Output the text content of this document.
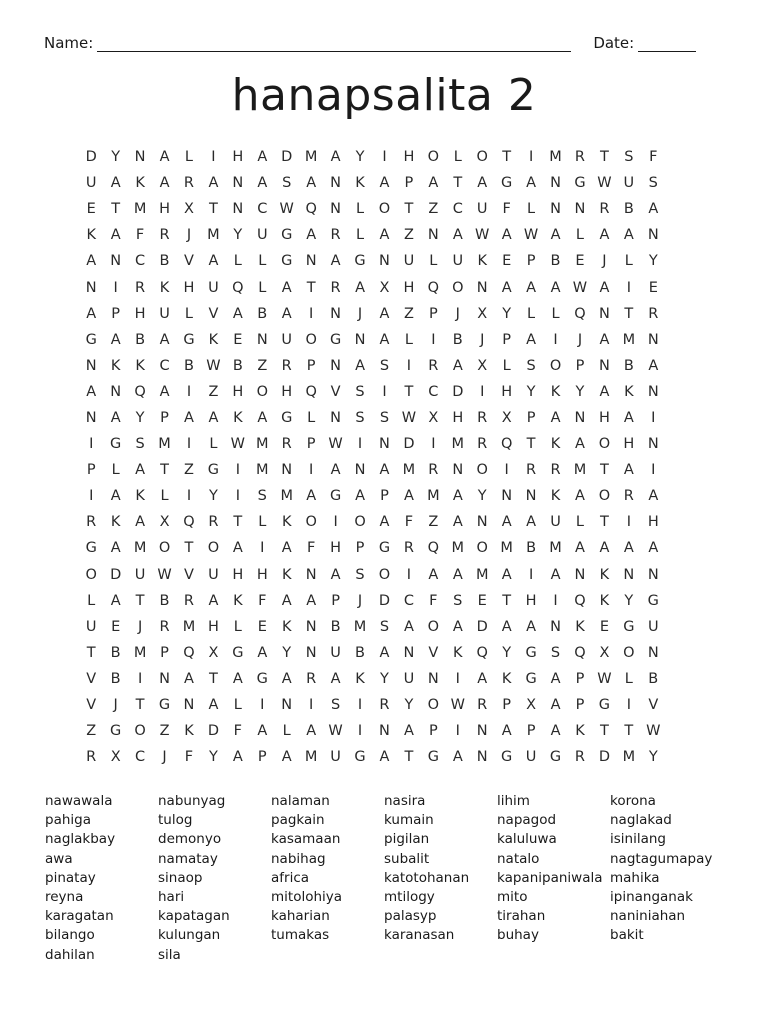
Name:	Date:
hanapsalita 2
D Y	N A	L	I	H A D M A	Y	I	H O	L	O T	I	M R	T	S	F
U A	K	A R A N A	S	A N K	A	P	A	T	A G A N G W U	S
E	T M H X	T	N C W Q N	L	O T	Z C U	F	L	N N R B	A
K	A	F	R	J	M Y	U G A R	L	A	Z N A W A W A	L	A	A N
A N C B	V	A	L	L	G N A G N U	L	U K	E	P	B	E	J	L	Y
N	I	R	K H U Q	L	A	T	R A	X H Q O N A	A	A W A	I	E
A	P	H U	L	V	A	B	A	I	N	J	A	Z	P	J	X	Y	L	L	Q N	T	R
G A	B	A G K	E N U O G N A	L	I	B	J	P	A	I	J	A M N
N K	K	C B W B	Z R	P	N A	S	I	R A	X	L	S O P	N B	A
A N Q A	I	Z H O H Q V	S	I	T	C D	I	H	Y	K	Y	A	K N
N A	Y	P	A	A	K	A G	L	N S	S W X H R X	P	A N H A	I
I	G S M	I	L W M R	P W	I	N D	I	M R Q T	K	A O H N
P	L	A	T	Z G	I	M N	I	A N A M R N O	I	R R M T	A	I
I	A	K	L	I	Y	I	S M A G A	P	A M A	Y	N N K	A O R A
R	K	A	X Q R	T	L	K O	I	O A	F	Z	A N A	A U	L	T	I	H
G A M O T O A	I	A	F	H	P G R Q M O M B M A	A	A	A
O D U W V U H H K N A	S O	I	A	A M A	I	A N K N N
L	A	T	B R A	K	F	A	A	P	J	D C	F	S	E	T	H	I	Q K	Y G
U	E	J	R M H	L	E	K N B M S	A O A D A	A N K	E G U
T	B M P Q X G A	Y	N U B	A N V	K Q Y G S Q X O N
V	B	I	N A	T	A G A R A	K	Y	U N	I	A	K G A	P W L	B
V	J	T G N A	L	I	N	I	S	I	R	Y O W R	P	X	A	P G	I	V
Z G O Z	K D	F	A	L	A W	I	N A	P	I	N A	P	A	K	T	T W
R X C	J	F	Y	A	P	A M U G A	T G A N G U G R D M Y
nawawala
pahiga
naglakbay
awa
pinatay
reyna
karagatan
bilango
dahilan
nabunyag
tulog
demonyo
namatay
sinaop
hari
kapatagan
kulungan
sila
nalaman
pagkain
kasamaan
nabihag
africa
mitolohiya
kaharian
tumakas
nasira
kumain
pigilan
subalit
katotohanan
mtilogy
palasyp
karanasan
lihim
napagod
kaluluwa
natalo
kapanipaniwala
mito
tirahan
buhay
korona
naglakad
isinilang
nagtagumapay
mahika
ipinanganak
naniniahan
bakit
